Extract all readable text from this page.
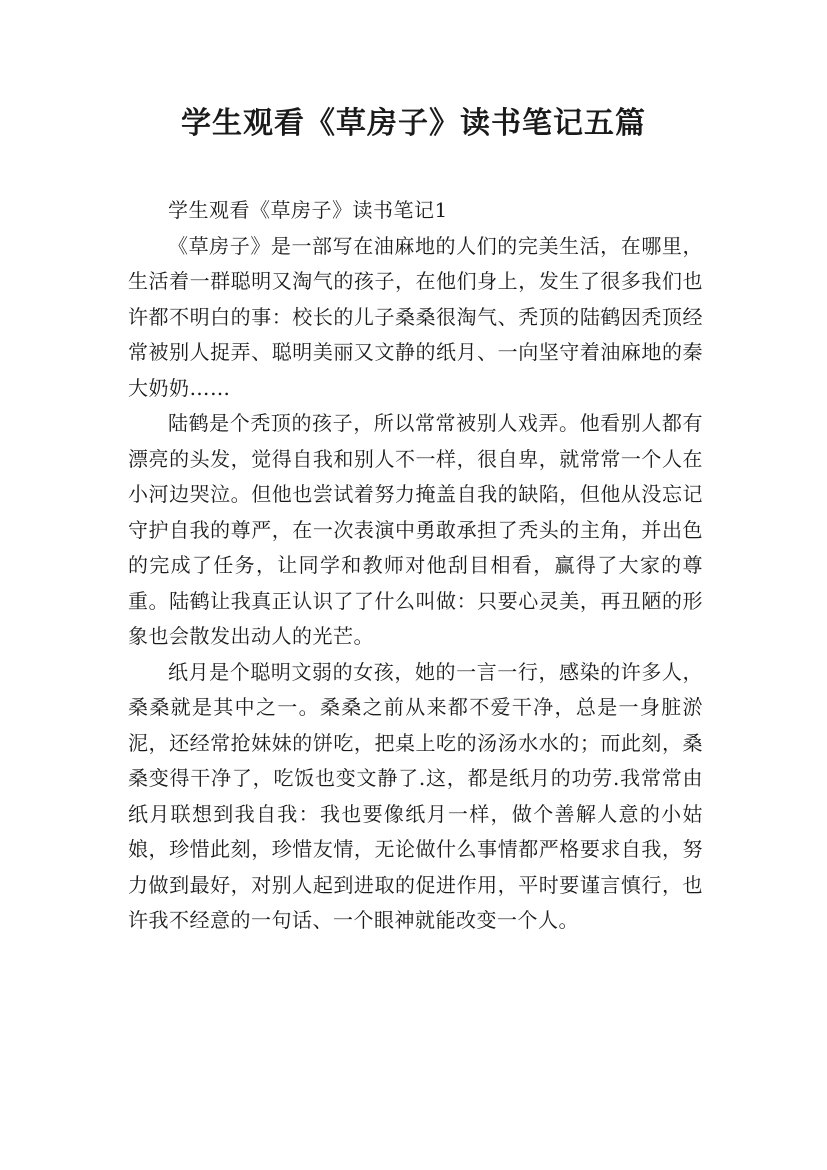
学生观看《草房子》读书笔记五篇

学生观看《草房子》读书笔记1

《草房子》是一部写在油麻地的人们的完美生活，在哪里，生活着一群聪明又淘气的孩子，在他们身上，发生了很多我们也许都不明白的事：校长的儿子桑桑很淘气、秃顶的陆鹤因秃顶经常被别人捉弄、聪明美丽又文静的纸月、一向坚守着油麻地的秦大奶奶……

陆鹤是个秃顶的孩子，所以常常被别人戏弄。他看别人都有漂亮的头发，觉得自我和别人不一样，很自卑，就常常一个人在小河边哭泣。但他也尝试着努力掩盖自我的缺陷，但他从没忘记守护自我的尊严，在一次表演中勇敢承担了秃头的主角，并出色的完成了任务，让同学和教师对他刮目相看，赢得了大家的尊重。陆鹤让我真正认识了了什么叫做：只要心灵美，再丑陋的形象也会散发出动人的光芒。

纸月是个聪明文弱的女孩，她的一言一行，感染的许多人，桑桑就是其中之一。桑桑之前从来都不爱干净，总是一身脏淤泥，还经常抢妹妹的饼吃，把桌上吃的汤汤水水的；而此刻，桑桑变得干净了，吃饭也变文静了.这，都是纸月的功劳.我常常由纸月联想到我自我：我也要像纸月一样，做个善解人意的小姑娘，珍惜此刻，珍惜友情，无论做什么事情都严格要求自我，努力做到最好，对别人起到进取的促进作用，平时要谨言慎行，也许我不经意的一句话、一个眼神就能改变一个人。
